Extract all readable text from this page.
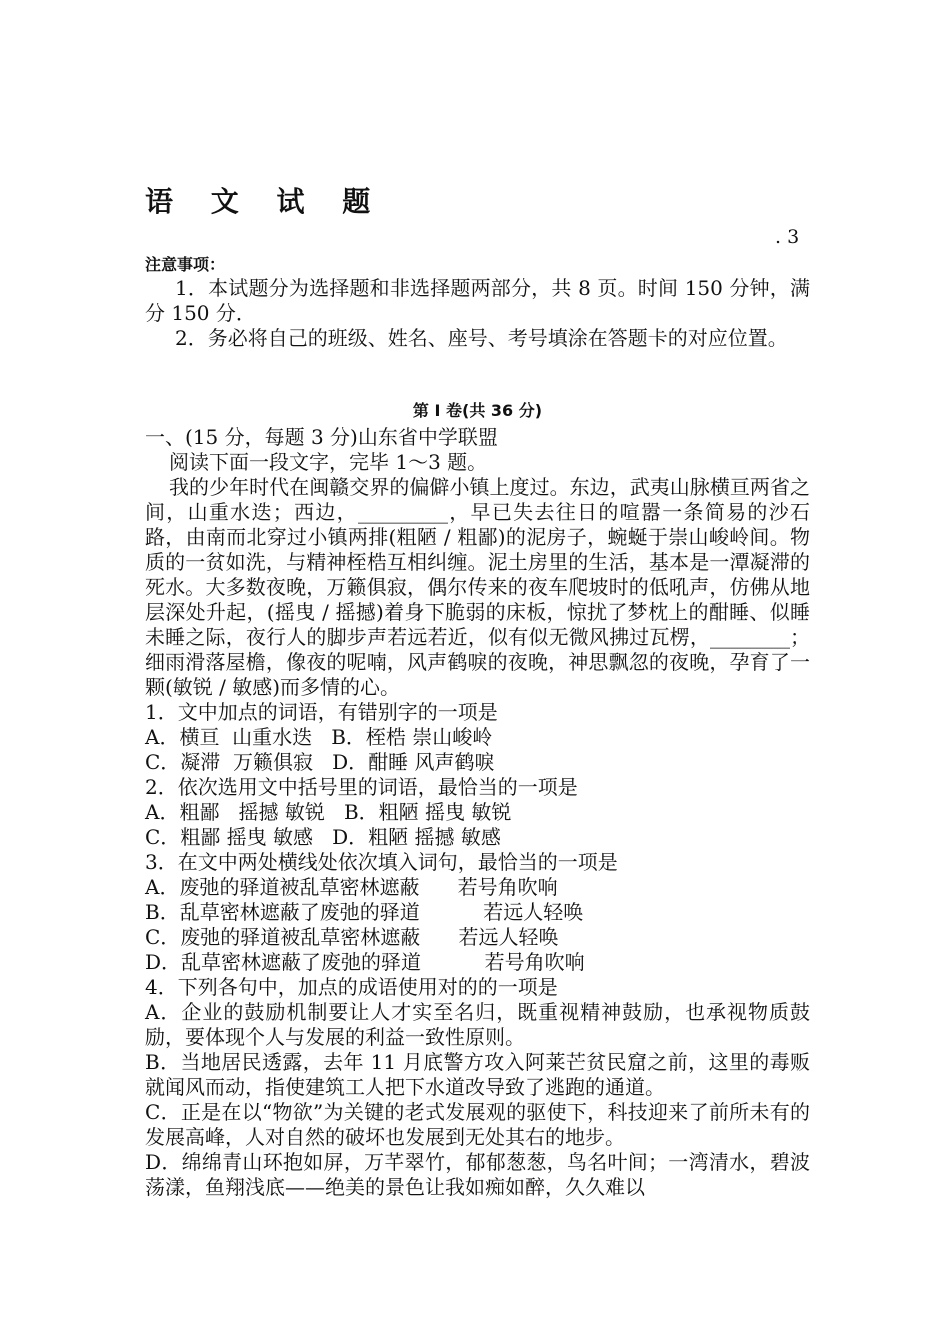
语 文 试 题
. 3
注意事项：
1．本试题分为选择题和非选择题两部分，共 8 页。时间 150 分钟，满分 150 分．
2．务必将自己的班级、姓名、座号、考号填涂在答题卡的对应位置。
第 I 卷(共 36 分)
一、(15 分，每题 3 分)山东省中学联盟
阅读下面一段文字，完毕 1～3 题。
我的少年时代在闽赣交界的偏僻小镇上度过。东边，武夷山脉横亘两省之间，山重水迭；西边，_________，早已失去往日的喧嚣一条简易的沙石路，由南而北穿过小镇两排(粗陋 / 粗鄙)的泥房子，蜿蜒于崇山峻岭间。物质的一贫如洗，与精神桎梏互相纠缠。泥土房里的生活，基本是一潭凝滞的死水。大多数夜晚，万籁俱寂，偶尔传来的夜车爬坡时的低吼声，仿佛从地层深处升起，(摇曳 / 摇撼)着身下脆弱的床板，惊扰了梦枕上的酣睡、似睡未睡之际，夜行人的脚步声若远若近，似有似无微风拂过瓦楞，________；细雨滑落屋檐，像夜的呢喃，风声鹤唳的夜晚，神思飘忽的夜晚，孕育了一颗(敏锐 / 敏感)而多情的心。
1．文中加点的词语，有错别字的一项是
A．横亘  山重水迭   B．桎梏 崇山峻岭
C．凝滞  万籁俱寂   D．酣睡 风声鹤唳
2．依次选用文中括号里的词语，最恰当的一项是
A．粗鄙   摇撼 敏锐   B．粗陋 摇曳 敏锐
C．粗鄙 摇曳 敏感   D．粗陋 摇撼 敏感
3．在文中两处横线处依次填入词句，最恰当的一项是
A．废弛的驿道被乱草密林遮蔽      若号角吹响
B．乱草密林遮蔽了废弛的驿道          若远人轻唤
C．废弛的驿道被乱草密林遮蔽      若远人轻唤
D．乱草密林遮蔽了废弛的驿道          若号角吹响
4．下列各句中，加点的成语使用对的的一项是
A．企业的鼓励机制要让人才实至名归，既重视精神鼓励，也承视物质鼓励，要体现个人与发展的利益一致性原则。
B．当地居民透露，去年 11 月底警方攻入阿莱芒贫民窟之前，这里的毒贩就闻风而动，指使建筑工人把下水道改导致了逃跑的通道。
C．正是在以“物欲”为关键的老式发展观的驱使下，科技迎来了前所未有的发展高峰，人对自然的破坏也发展到无处其右的地步。
D．绵绵青山环抱如屏，万芊翠竹，郁郁葱葱，鸟名叶间；一湾清水，碧波荡漾，鱼翔浅底——绝美的景色让我如痴如醉，久久难以
